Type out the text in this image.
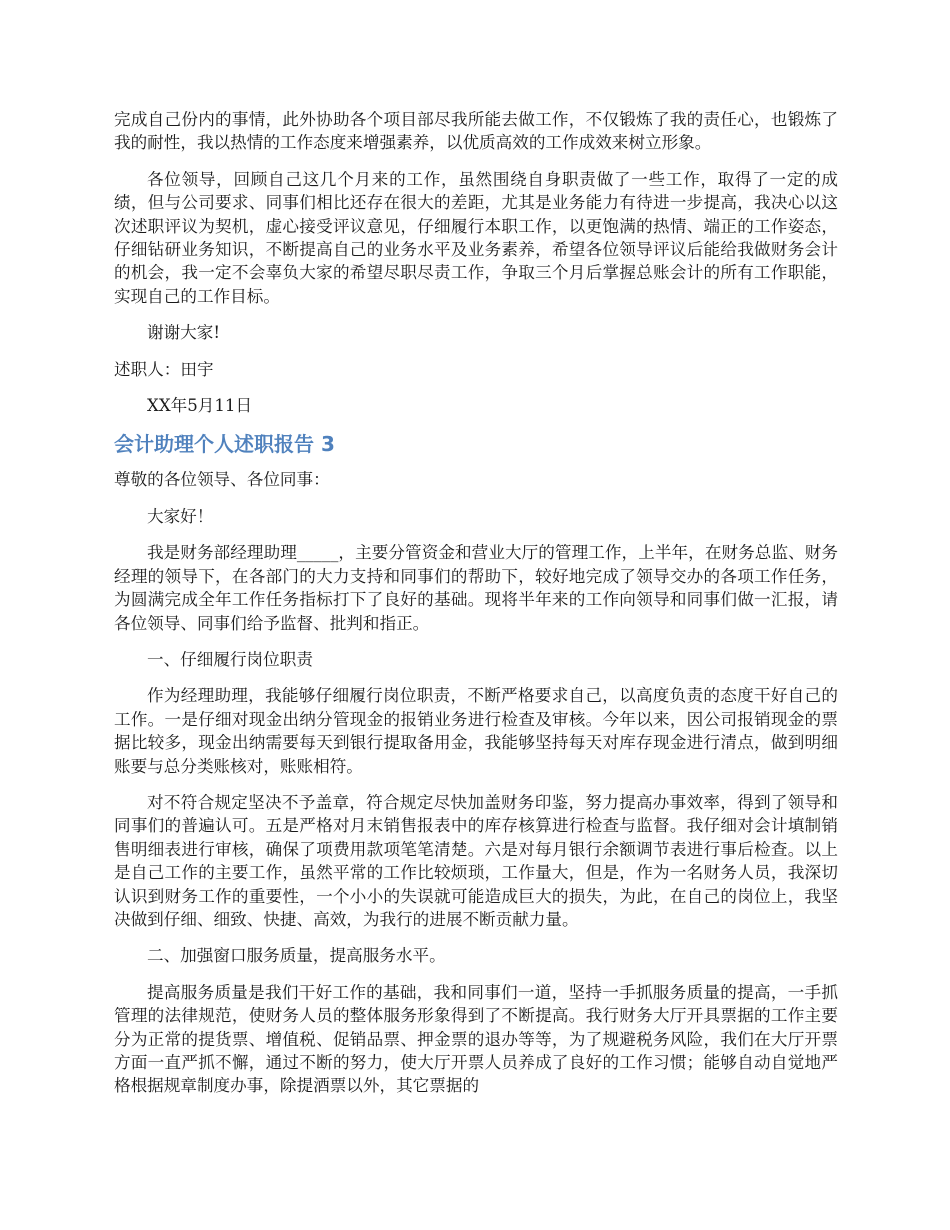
完成自己份内的事情，此外协助各个项目部尽我所能去做工作，不仅锻炼了我的责任心，也锻炼了我的耐性，我以热情的工作态度来增强素养，以优质高效的工作成效来树立形象。

各位领导，回顾自己这几个月来的工作，虽然围绕自身职责做了一些工作，取得了一定的成绩，但与公司要求、同事们相比还存在很大的差距，尤其是业务能力有待进一步提高，我决心以这次述职评议为契机，虚心接受评议意见，仔细履行本职工作，以更饱满的热情、端正的工作姿态，仔细钻研业务知识，不断提高自己的业务水平及业务素养，希望各位领导评议后能给我做财务会计的机会，我一定不会辜负大家的希望尽职尽责工作，争取三个月后掌握总账会计的所有工作职能，实现自己的工作目标。

谢谢大家!

述职人：田宇

XX年5月11日

会计助理个人述职报告 3

尊敬的各位领导、各位同事：

大家好！

我是财务部经理助理_____，主要分管资金和营业大厅的管理工作，上半年，在财务总监、财务经理的领导下，在各部门的大力支持和同事们的帮助下，较好地完成了领导交办的各项工作任务，为圆满完成全年工作任务指标打下了良好的基础。现将半年来的工作向领导和同事们做一汇报，请各位领导、同事们给予监督、批判和指正。

一、仔细履行岗位职责

作为经理助理，我能够仔细履行岗位职责，不断严格要求自己，以高度负责的态度干好自己的工作。一是仔细对现金出纳分管现金的报销业务进行检查及审核。今年以来，因公司报销现金的票据比较多，现金出纳需要每天到银行提取备用金，我能够坚持每天对库存现金进行清点，做到明细账要与总分类账核对，账账相符。

对不符合规定坚决不予盖章，符合规定尽快加盖财务印鉴，努力提高办事效率，得到了领导和同事们的普遍认可。五是严格对月末销售报表中的库存核算进行检查与监督。我仔细对会计填制销售明细表进行审核，确保了项费用款项笔笔清楚。六是对每月银行余额调节表进行事后检查。以上是自己工作的主要工作，虽然平常的工作比较烦琐，工作量大，但是，作为一名财务人员，我深切认识到财务工作的重要性，一个小小的失误就可能造成巨大的损失，为此，在自己的岗位上，我坚决做到仔细、细致、快捷、高效，为我行的进展不断贡献力量。

二、加强窗口服务质量，提高服务水平。

提高服务质量是我们干好工作的基础，我和同事们一道，坚持一手抓服务质量的提高，一手抓管理的法律规范，使财务人员的整体服务形象得到了不断提高。我行财务大厅开具票据的工作主要分为正常的提货票、增值税、促销品票、押金票的退办等等，为了规避税务风险，我们在大厅开票方面一直严抓不懈，通过不断的努力，使大厅开票人员养成了良好的工作习惯；能够自动自觉地严格根据规章制度办事，除提酒票以外，其它票据的
